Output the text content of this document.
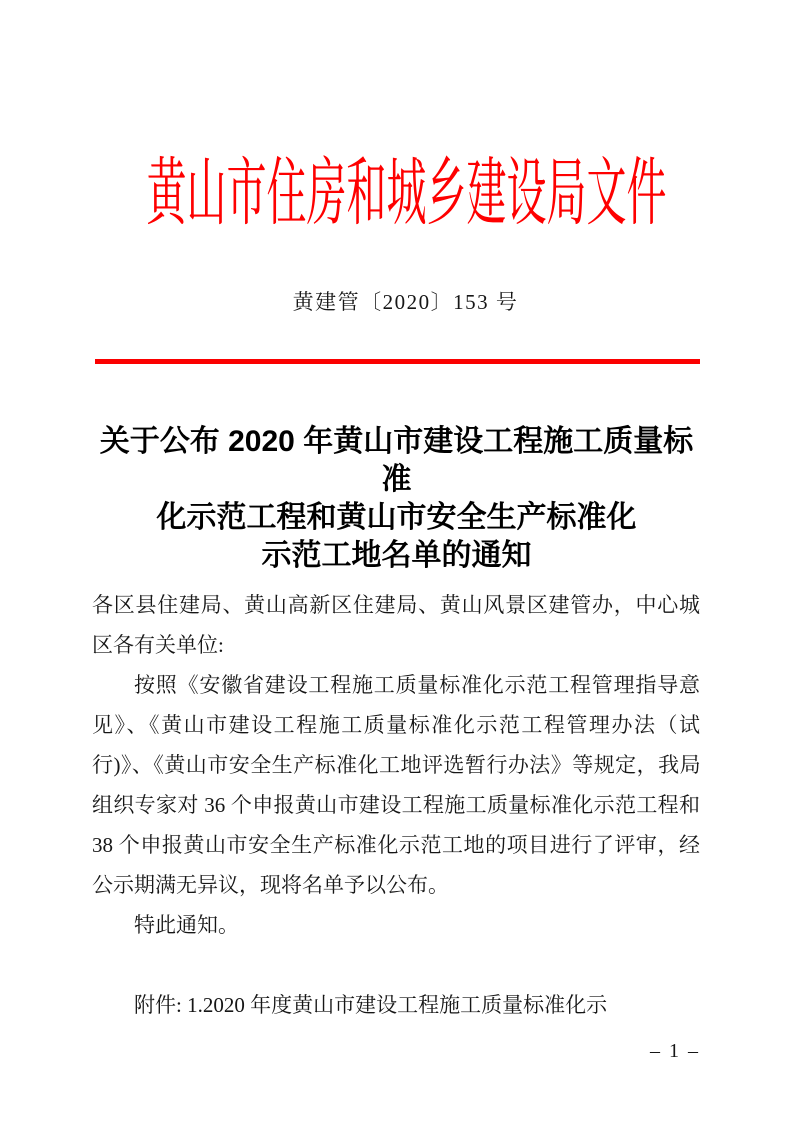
黄山市住房和城乡建设局文件
黄建管〔2020〕153 号
关于公布 2020 年黄山市建设工程施工质量标准
化示范工程和黄山市安全生产标准化
示范工地名单的通知
各区县住建局、黄山高新区住建局、黄山风景区建管办，中心城
区各有关单位:
按照《安徽省建设工程施工质量标准化示范工程管理指导意
见》、《黄山市建设工程施工质量标准化示范工程管理办法（试
行)》、《黄山市安全生产标准化工地评选暂行办法》等规定，我局
组织专家对 36 个申报黄山市建设工程施工质量标准化示范工程和
38 个申报黄山市安全生产标准化示范工地的项目进行了评审，经
公示期满无异议，现将名单予以公布。
特此通知。
附件: 1.2020 年度黄山市建设工程施工质量标准化示
– 1 –
